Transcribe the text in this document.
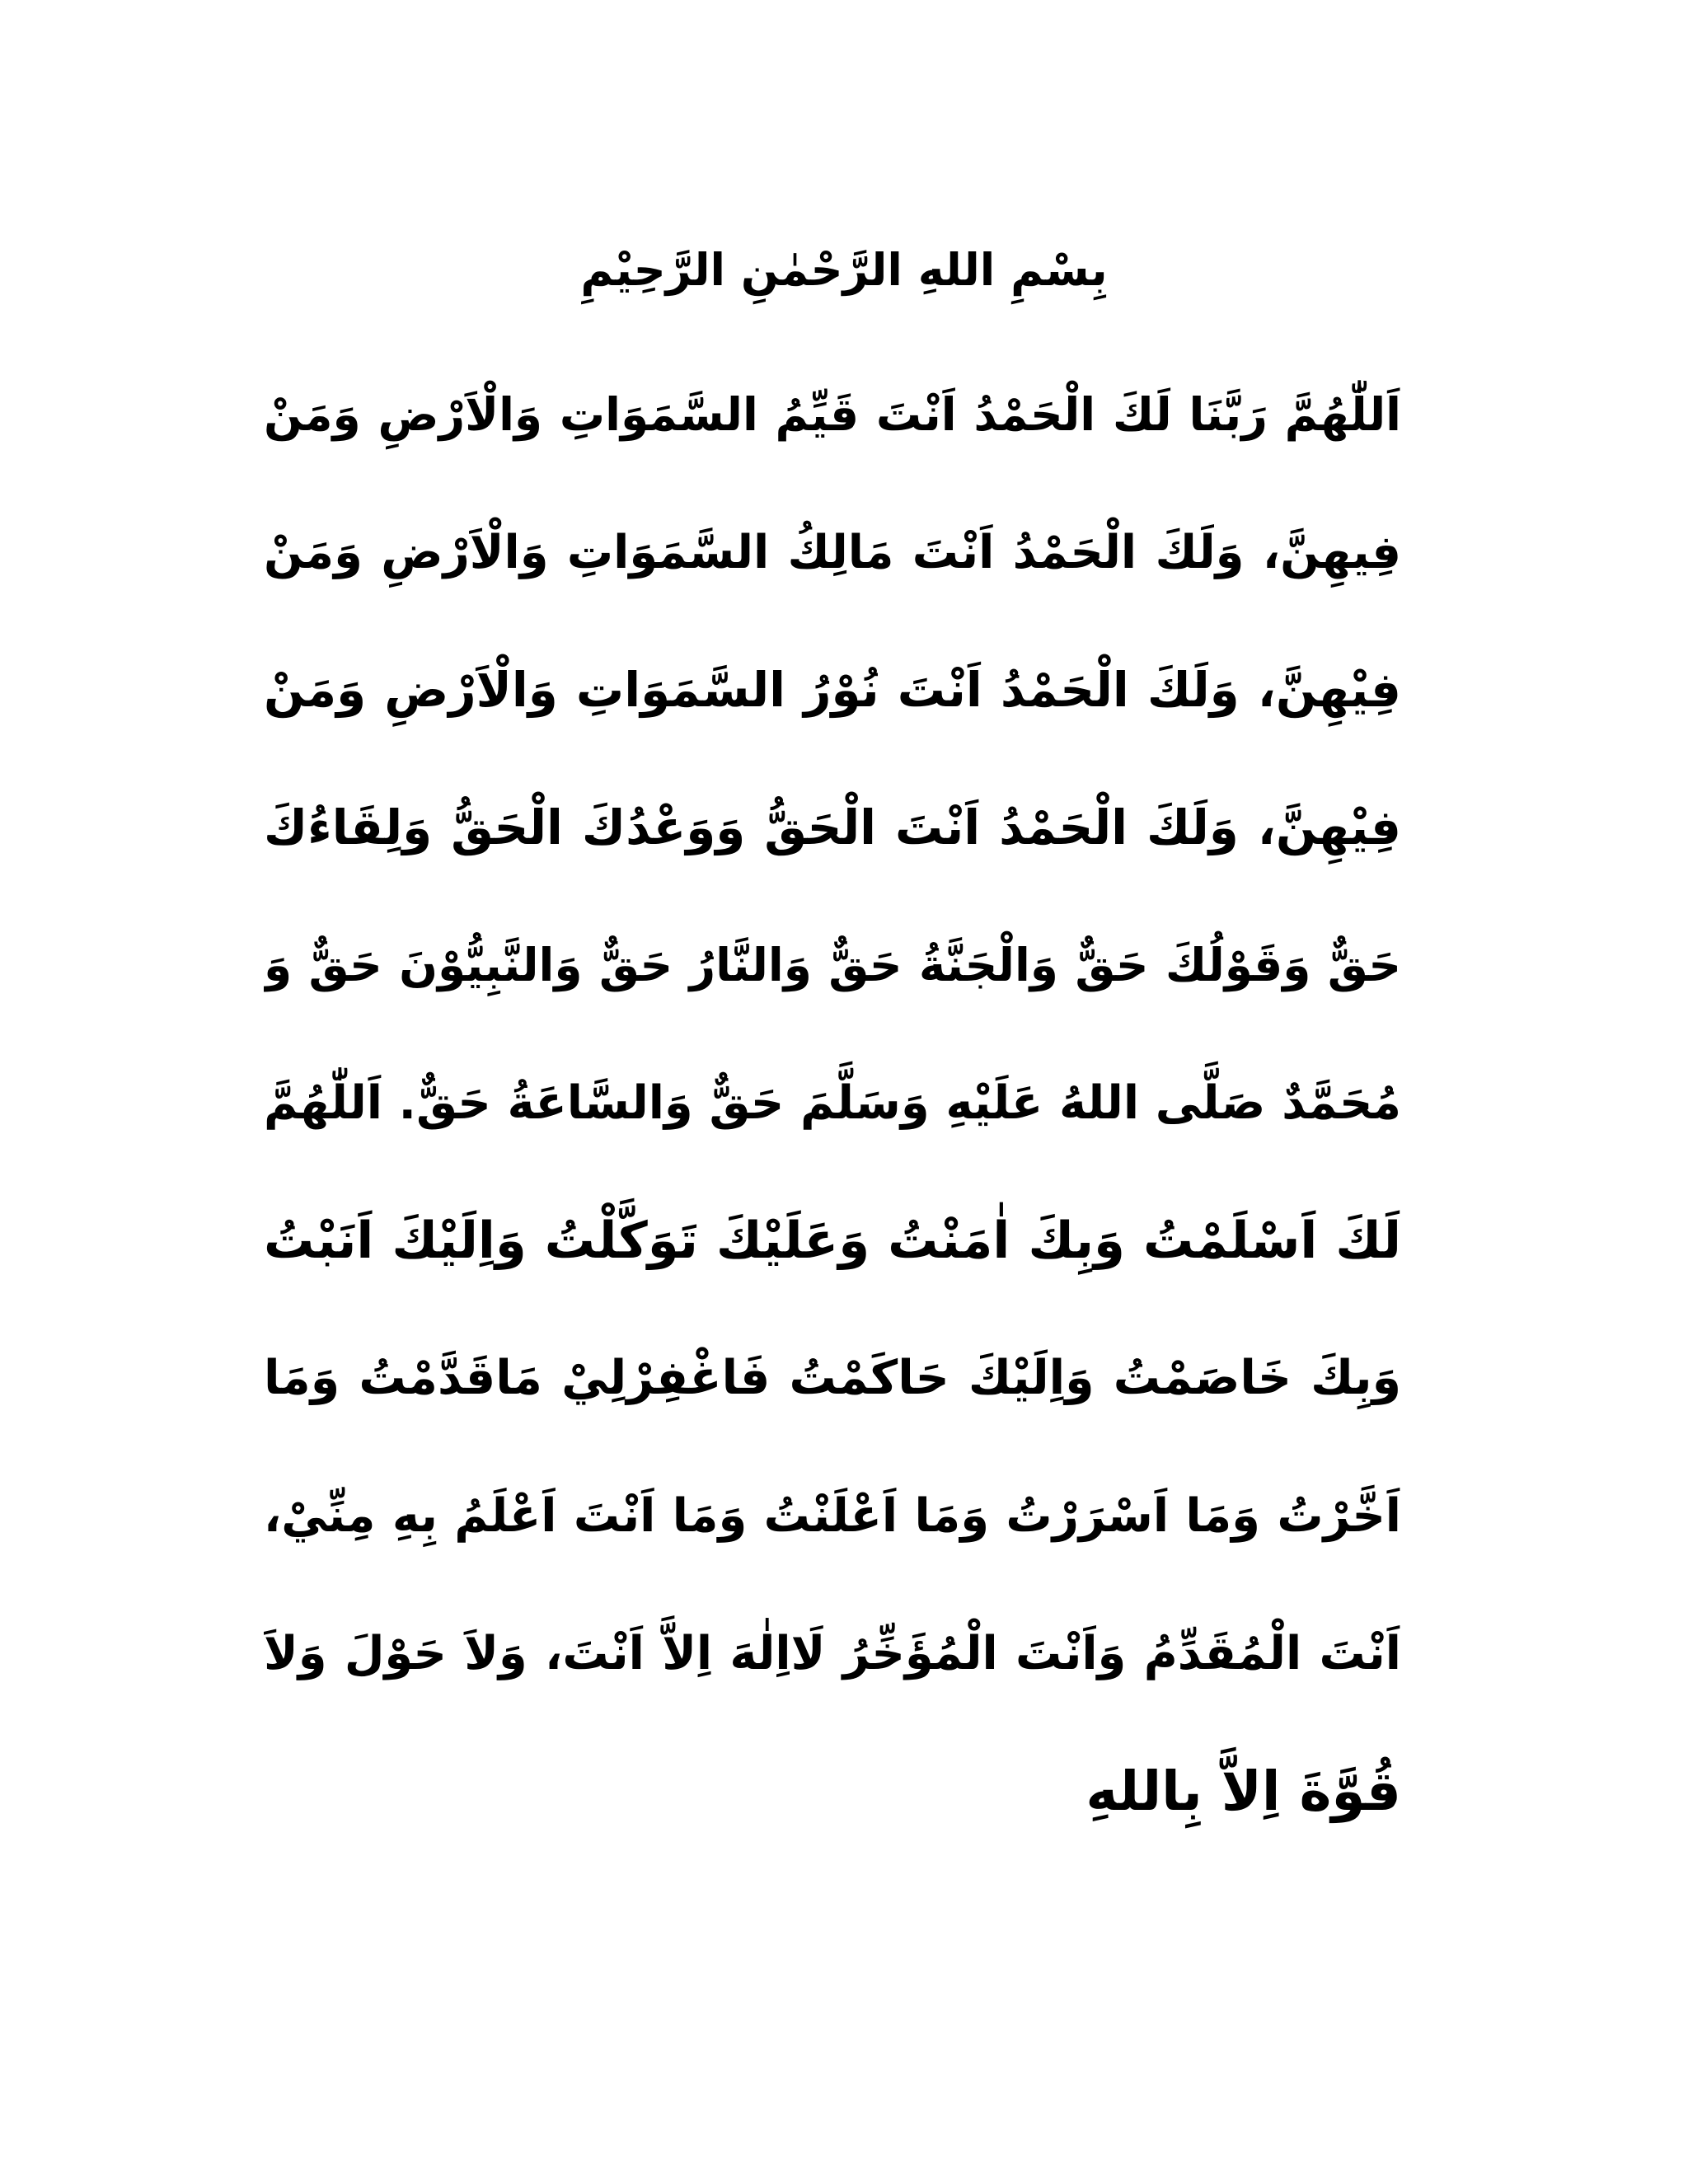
بِسْمِ اللهِ الرَّحْمٰنِ الرَّحِيْمِ
اَللّٰهُمَّ رَبَّنَا لَكَ الْحَمْدُ اَنْتَ قَيِّمُ السَّمَوَاتِ وَالْاَرْضِ وَمَنْ
فِيهِنَّ، وَلَكَ الْحَمْدُ اَنْتَ مَالِكُ السَّمَوَاتِ وَالْاَرْضِ وَمَنْ
فِيْهِنَّ، وَلَكَ الْحَمْدُ اَنْتَ نُوْرُ السَّمَوَاتِ وَالْاَرْضِ وَمَنْ
فِيْهِنَّ، وَلَكَ الْحَمْدُ اَنْتَ الْحَقُّ وَوَعْدُكَ الْحَقُّ وَلِقَاءُكَ
حَقٌّ وَقَوْلُكَ حَقٌّ وَالْجَنَّةُ حَقٌّ وَالنَّارُ حَقٌّ وَالنَّبِيُّوْنَ حَقٌّ وَ
مُحَمَّدٌ صَلَّى اللهُ عَلَيْهِ وَسَلَّمَ حَقٌّ وَالسَّاعَةُ حَقٌّ. اَللّٰهُمَّ
لَكَ اَسْلَمْتُ وَبِكَ اٰمَنْتُ وَعَلَيْكَ تَوَكَّلْتُ وَاِلَيْكَ اَنَبْتُ
وَبِكَ خَاصَمْتُ وَاِلَيْكَ حَاكَمْتُ فَاغْفِرْلِيْ مَاقَدَّمْتُ وَمَا
اَخَّرْتُ وَمَا اَسْرَرْتُ وَمَا اَعْلَنْتُ وَمَا اَنْتَ اَعْلَمُ بِهِ مِنِّيْ،
اَنْتَ الْمُقَدِّمُ وَاَنْتَ الْمُؤَخِّرُ لَااِلٰهَ اِلاَّ اَنْتَ، وَلاَ حَوْلَ وَلاَ
قُوَّةَ اِلاَّ بِاللهِ
